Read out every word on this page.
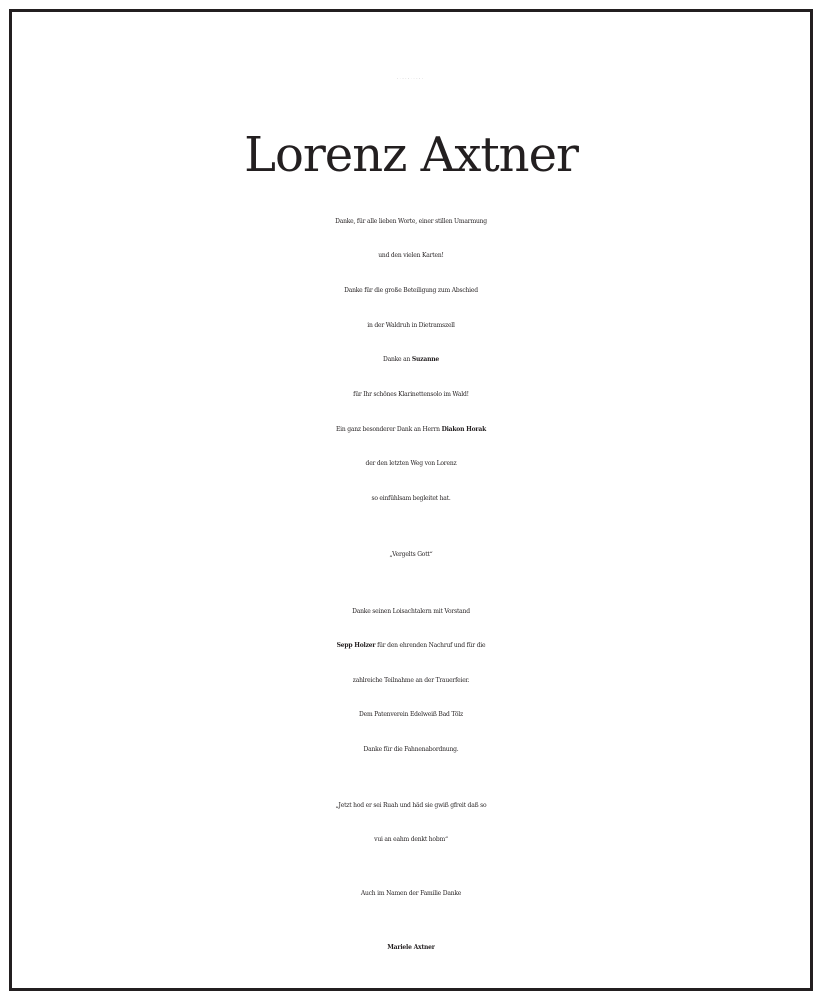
DANKSAGUNG
Lorenz Axtner
Danke, für alle lieben Worte, einer stillen Umarmung
und den vielen Karten!
Danke für die große Beteiligung zum Abschied
in der Waldruh in Dietramszell
Danke an Suzanne
für Ihr schönes Klarinettensolo im Wald!
Ein ganz besonderer Dank an Herrn Diakon Horak
der den letzten Weg von Lorenz
so einfühlsam begleitet hat.
„Vergelts Gott“
Danke seinen Loisachtalern mit Vorstand
Sepp Holzer für den ehrenden Nachruf und für die
zahlreiche Teilnahme an der Trauerfeier.
Dem Patenverein Edelweiß Bad Tölz
Danke für die Fahnenabordnung.
„Jetzt hod er sei Ruah und häd sie gwiß gfreit daß so
vui an eahm denkt hobm“
Auch im Namen der Familie Danke
Mariele Axtner
